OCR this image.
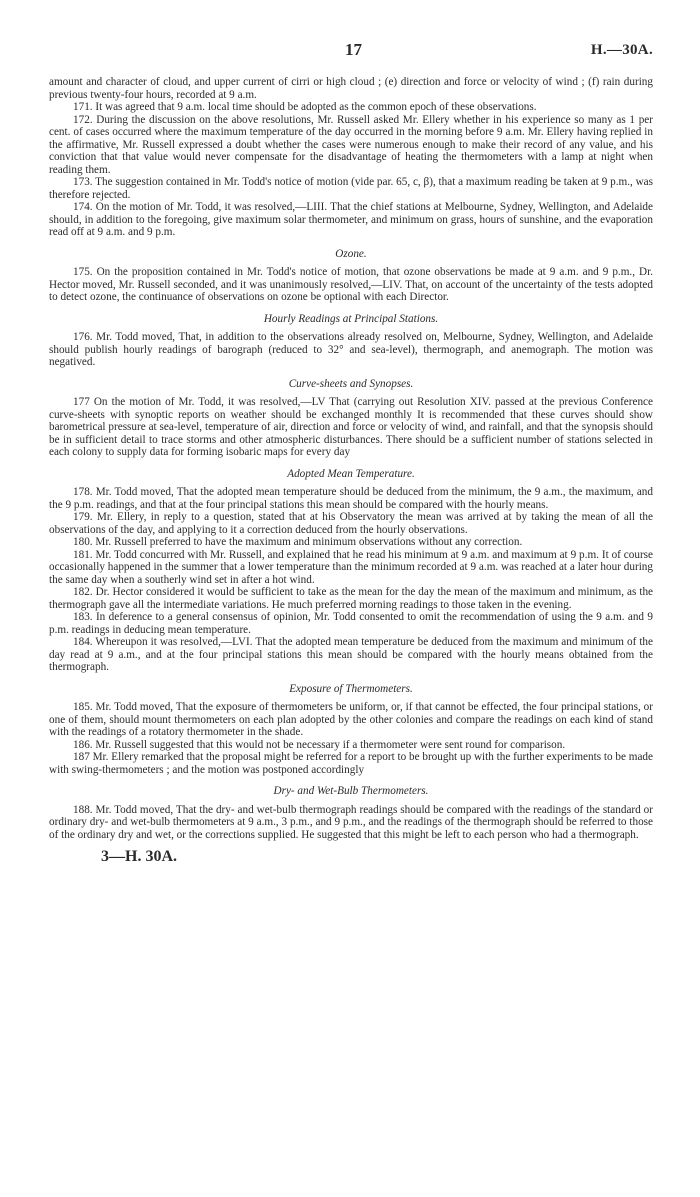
17	H.—30A.

amount and character of cloud, and upper current of cirri or high cloud ; (e) direction and force or velocity of wind ; (f) rain during previous twenty-four hours, recorded at 9 a.m.

171. It was agreed that 9 a.m. local time should be adopted as the common epoch of these observations.

172. During the discussion on the above resolutions, Mr. Russell asked Mr. Ellery whether in his experience so many as 1 per cent. of cases occurred where the maximum temperature of the day occurred in the morning before 9 a.m. Mr. Ellery having replied in the affirmative, Mr. Russell expressed a doubt whether the cases were numerous enough to make their record of any value, and his conviction that that value would never compensate for the disadvantage of heating the thermometers with a lamp at night when reading them.

173. The suggestion contained in Mr. Todd's notice of motion (vide par. 65, c, β), that a maximum reading be taken at 9 p.m., was therefore rejected.

174. On the motion of Mr. Todd, it was resolved,—LIII. That the chief stations at Melbourne, Sydney, Wellington, and Adelaide should, in addition to the foregoing, give maximum solar thermometer, and minimum on grass, hours of sunshine, and the evaporation read off at 9 a.m. and 9 p.m.

Ozone.

175. On the proposition contained in Mr. Todd's notice of motion, that ozone observations be made at 9 a.m. and 9 p.m., Dr. Hector moved, Mr. Russell seconded, and it was unanimously resolved,—LIV. That, on account of the uncertainty of the tests adopted to detect ozone, the continuance of observations on ozone be optional with each Director.

Hourly Readings at Principal Stations.

176. Mr. Todd moved, That, in addition to the observations already resolved on, Melbourne, Sydney, Wellington, and Adelaide should publish hourly readings of barograph (reduced to 32° and sea-level), thermograph, and anemograph. The motion was negatived.

Curve-sheets and Synopses.

177 On the motion of Mr. Todd, it was resolved,—LV That (carrying out Resolution XIV. passed at the previous Conference curve-sheets with synoptic reports on weather should be exchanged monthly It is recommended that these curves should show barometrical pressure at sea-level, temperature of air, direction and force or velocity of wind, and rainfall, and that the synopsis should be in sufficient detail to trace storms and other atmospheric disturbances. There should be a sufficient number of stations selected in each colony to supply data for forming isobaric maps for every day

Adopted Mean Temperature.

178. Mr. Todd moved, That the adopted mean temperature should be deduced from the minimum, the 9 a.m., the maximum, and the 9 p.m. readings, and that at the four principal stations this mean should be compared with the hourly means.

179. Mr. Ellery, in reply to a question, stated that at his Observatory the mean was arrived at by taking the mean of all the observations of the day, and applying to it a correction deduced from the hourly observations.

180. Mr. Russell preferred to have the maximum and minimum observations without any correction.

181. Mr. Todd concurred with Mr. Russell, and explained that he read his minimum at 9 a.m. and maximum at 9 p.m. It of course occasionally happened in the summer that a lower temperature than the minimum recorded at 9 a.m. was reached at a later hour during the same day when a southerly wind set in after a hot wind.

182. Dr. Hector considered it would be sufficient to take as the mean for the day the mean of the maximum and minimum, as the thermograph gave all the intermediate variations. He much preferred morning readings to those taken in the evening.

183. In deference to a general consensus of opinion, Mr. Todd consented to omit the recommendation of using the 9 a.m. and 9 p.m. readings in deducing mean temperature.

184. Whereupon it was resolved,—LVI. That the adopted mean temperature be deduced from the maximum and minimum of the day read at 9 a.m., and at the four principal stations this mean should be compared with the hourly means obtained from the thermograph.

Exposure of Thermometers.

185. Mr. Todd moved, That the exposure of thermometers be uniform, or, if that cannot be effected, the four principal stations, or one of them, should mount thermometers on each plan adopted by the other colonies and compare the readings on each kind of stand with the readings of a rotatory thermometer in the shade.

186. Mr. Russell suggested that this would not be necessary if a thermometer were sent round for comparison.

187 Mr. Ellery remarked that the proposal might be referred for a report to be brought up with the further experiments to be made with swing-thermometers ; and the motion was postponed accordingly

Dry- and Wet-Bulb Thermometers.

188. Mr. Todd moved, That the dry- and wet-bulb thermograph readings should be compared with the readings of the standard or ordinary dry- and wet-bulb thermometers at 9 a.m., 3 p.m., and 9 p.m., and the readings of the thermograph should be referred to those of the ordinary dry and wet, or the corrections supplied. He suggested that this might be left to each person who had a thermograph.

3—H. 30A.
